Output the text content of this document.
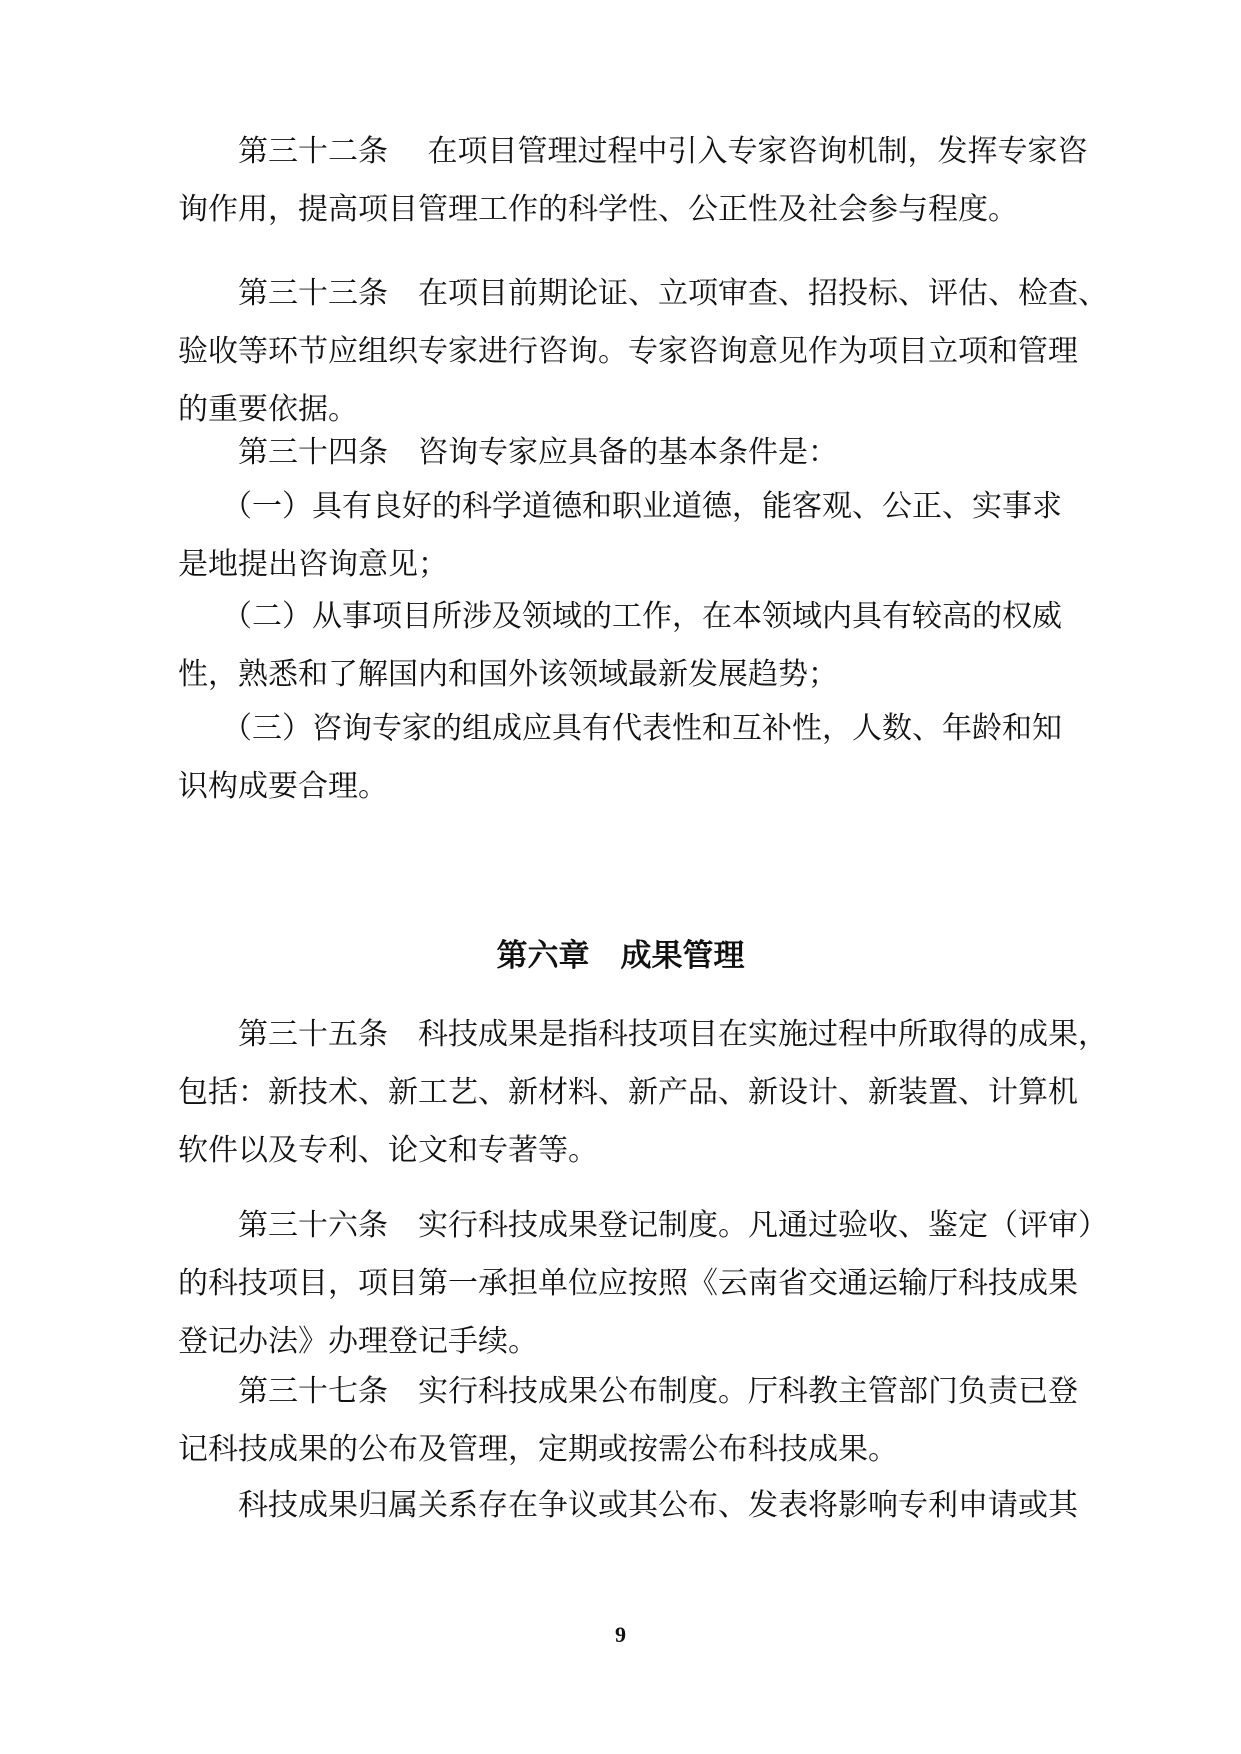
第三十二条　 在项目管理过程中引入专家咨询机制，发挥专家咨
询作用，提高项目管理工作的科学性、公正性及社会参与程度。

第三十三条　在项目前期论证、立项审查、招投标、评估、检查、
验收等环节应组织专家进行咨询。专家咨询意见作为项目立项和管理
的重要依据。

第三十四条　咨询专家应具备的基本条件是：

（一）具有良好的科学道德和职业道德，能客观、公正、实事求
是地提出咨询意见；

（二）从事项目所涉及领域的工作，在本领域内具有较高的权威
性，熟悉和了解国内和国外该领域最新发展趋势；

（三）咨询专家的组成应具有代表性和互补性，人数、年龄和知
识构成要合理。

第六章　成果管理

第三十五条　科技成果是指科技项目在实施过程中所取得的成果，
包括：新技术、新工艺、新材料、新产品、新设计、新装置、计算机
软件以及专利、论文和专著等。

第三十六条　实行科技成果登记制度。凡通过验收、鉴定（评审）
的科技项目，项目第一承担单位应按照《云南省交通运输厅科技成果
登记办法》办理登记手续。

第三十七条　实行科技成果公布制度。厅科教主管部门负责已登
记科技成果的公布及管理，定期或按需公布科技成果。

科技成果归属关系存在争议或其公布、发表将影响专利申请或其

9
